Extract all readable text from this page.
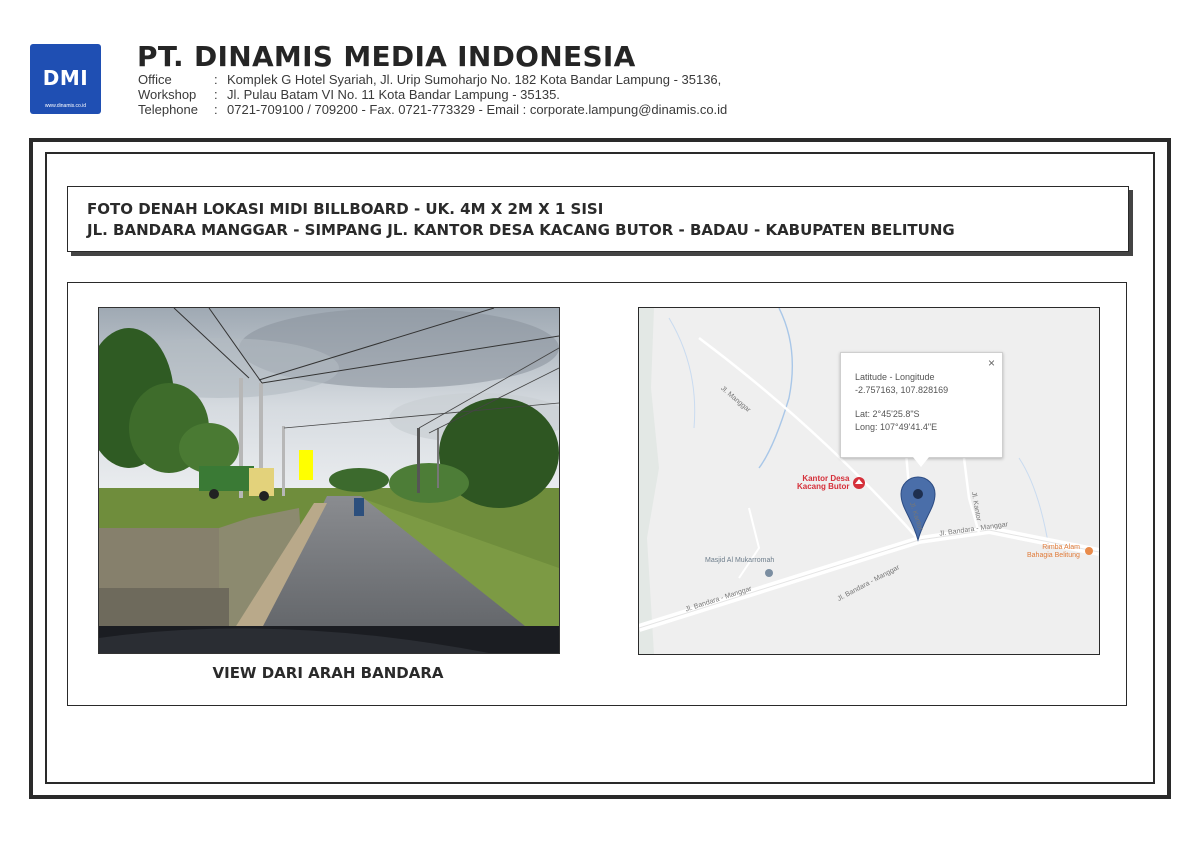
DMI
www.dinamis.co.id
PT. DINAMIS MEDIA INDONESIA
Office	: Komplek G Hotel Syariah, Jl. Urip Sumoharjo No. 182 Kota Bandar Lampung - 35136,
Workshop : Jl. Pulau Batam VI No. 11 Kota Bandar Lampung - 35135.
Telephone : 0721-709100 / 709200 - Fax. 0721-773329 - Email : corporate.lampung@dinamis.co.id
FOTO DENAH LOKASI MIDI BILLBOARD - UK. 4M X 2M X 1 SISI
JL. BANDARA MANGGAR - SIMPANG JL. KANTOR DESA KACANG BUTOR - BADAU - KABUPATEN BELITUNG
VIEW DARI ARAH BANDARA
Jl. Bandara - Manggar	Jl. Bandara - Manggar
Jl. Bandara - Manggar
Jl. Manggar
Jl. Kantor	Jl. Kantor
Kantor Desa
Kacang Butor
Masjid Al Mukarromah
Rimba Alam
Bahagia Belitung
×
Latitude - Longitude
-2.757163, 107.828169
Lat: 2°45'25.8"S
Long: 107°49'41.4"E
